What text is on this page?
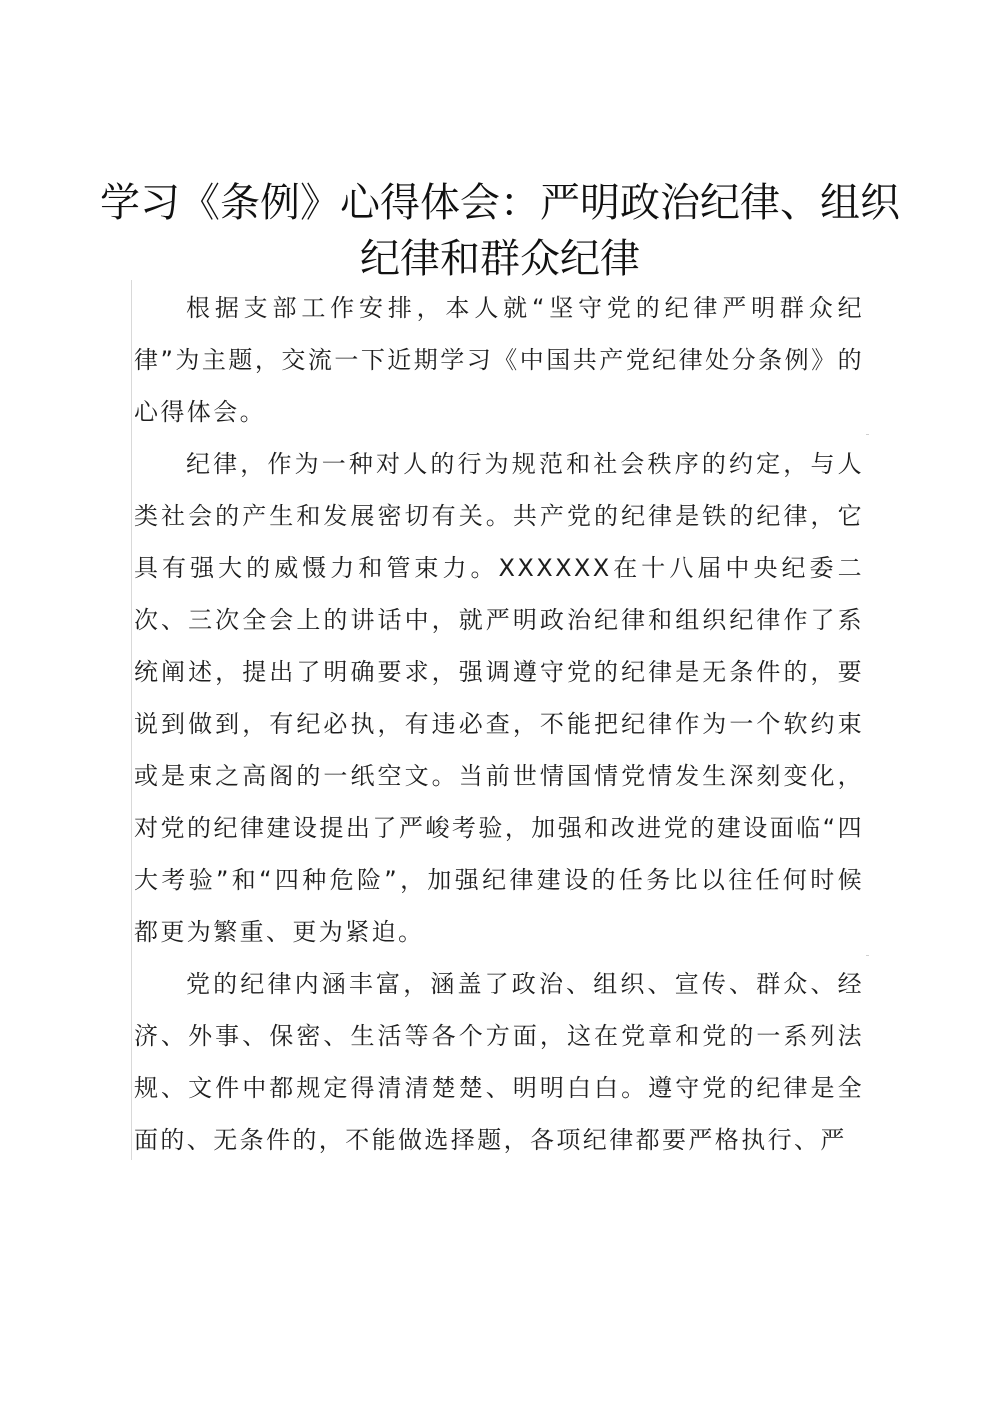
学习《条例》心得体会：严明政治纪律、组织
纪律和群众纪律

根据支部工作安排，本人就“坚守党的纪律严明群众纪律”为主题，交流一下近期学习《中国共产党纪律处分条例》的心得体会。

纪律，作为一种对人的行为规范和社会秩序的约定，与人类社会的产生和发展密切有关。共产党的纪律是铁的纪律，它具有强大的威慑力和管束力。XXXXXX在十八届中央纪委二次、三次全会上的讲话中，就严明政治纪律和组织纪律作了系统阐述，提出了明确要求，强调遵守党的纪律是无条件的，要说到做到，有纪必执，有违必查，不能把纪律作为一个软约束或是束之高阁的一纸空文。当前世情国情党情发生深刻变化，对党的纪律建设提出了严峻考验，加强和改进党的建设面临“四大考验”和“四种危险”，加强纪律建设的任务比以往任何时候都更为繁重、更为紧迫。

党的纪律内涵丰富，涵盖了政治、组织、宣传、群众、经济、外事、保密、生活等各个方面，这在党章和党的一系列法规、文件中都规定得清清楚楚、明明白白。遵守党的纪律是全面的、无条件的，不能做选择题，各项纪律都要严格执行、严
